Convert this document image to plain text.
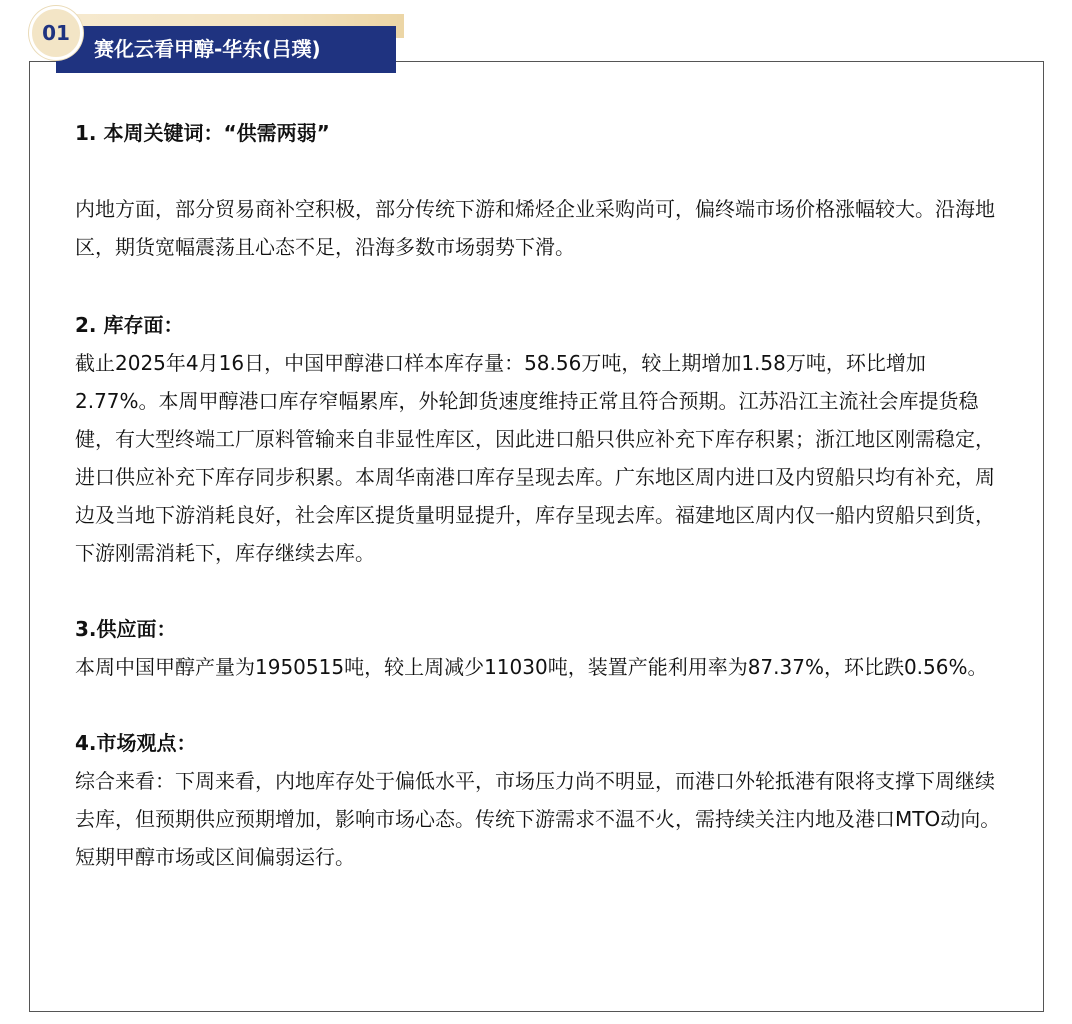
01
赛化云看甲醇-华东(吕璞)

1. 本周关键词：“供需两弱”

内地方面，部分贸易商补空积极，部分传统下游和烯烃企业采购尚可，偏终端市场价格涨幅较大。沿海地区，期货宽幅震荡且心态不足，沿海多数市场弱势下滑。

2. 库存面：

截止2025年4月16日，中国甲醇港口样本库存量：58.56万吨，较上期增加1.58万吨，环比增加2.77%。本周甲醇港口库存窄幅累库，外轮卸货速度维持正常且符合预期。江苏沿江主流社会库提货稳健，有大型终端工厂原料管输来自非显性库区，因此进口船只供应补充下库存积累；浙江地区刚需稳定，进口供应补充下库存同步积累。本周华南港口库存呈现去库。广东地区周内进口及内贸船只均有补充，周边及当地下游消耗良好，社会库区提货量明显提升，库存呈现去库。福建地区周内仅一船内贸船只到货，下游刚需消耗下，库存继续去库。

3.供应面：

本周中国甲醇产量为1950515吨，较上周减少11030吨，装置产能利用率为87.37%，环比跌0.56%。

4.市场观点：

综合来看：下周来看，内地库存处于偏低水平，市场压力尚不明显，而港口外轮抵港有限将支撑下周继续去库，但预期供应预期增加，影响市场心态。传统下游需求不温不火，需持续关注内地及港口MTO动向。短期甲醇市场或区间偏弱运行。
